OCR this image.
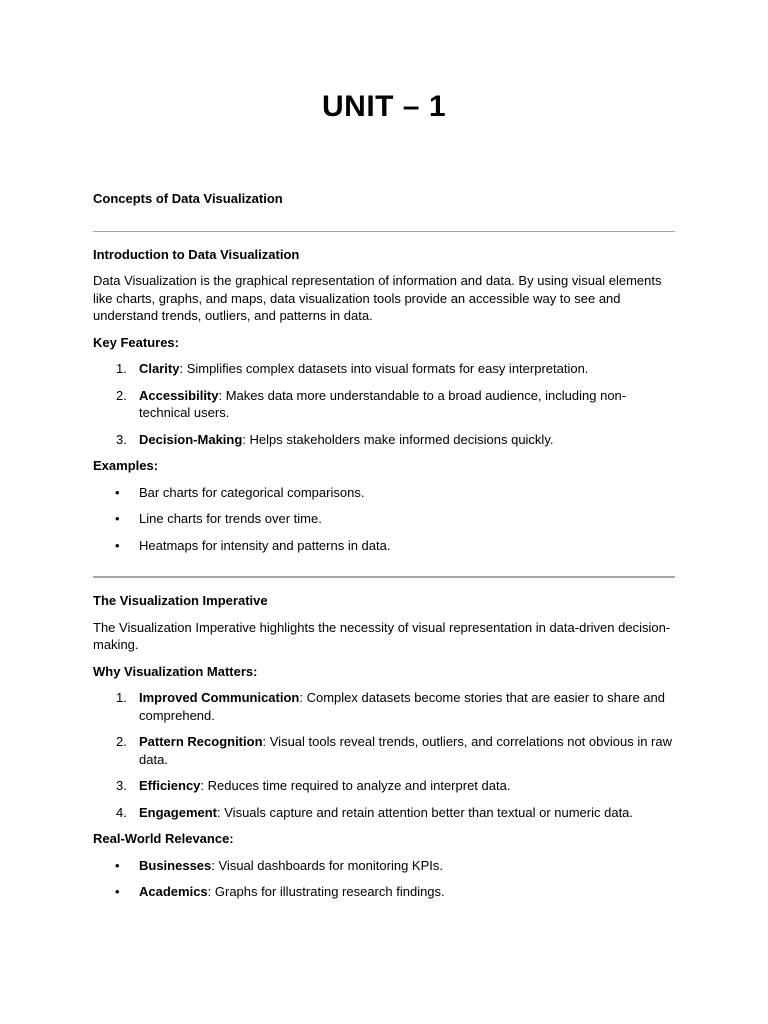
UNIT – 1
Concepts of Data Visualization
Introduction to Data Visualization

Data Visualization is the graphical representation of information and data. By using visual elements like charts, graphs, and maps, data visualization tools provide an accessible way to see and understand trends, outliers, and patterns in data.

Key Features:
1. Clarity: Simplifies complex datasets into visual formats for easy interpretation.
2. Accessibility: Makes data more understandable to a broad audience, including non-technical users.
3. Decision-Making: Helps stakeholders make informed decisions quickly.
Examples:
• Bar charts for categorical comparisons.
• Line charts for trends over time.
• Heatmaps for intensity and patterns in data.
The Visualization Imperative

The Visualization Imperative highlights the necessity of visual representation in data-driven decision-making.

Why Visualization Matters:
1. Improved Communication: Complex datasets become stories that are easier to share and comprehend.
2. Pattern Recognition: Visual tools reveal trends, outliers, and correlations not obvious in raw data.
3. Efficiency: Reduces time required to analyze and interpret data.
4. Engagement: Visuals capture and retain attention better than textual or numeric data.
Real-World Relevance:
• Businesses: Visual dashboards for monitoring KPIs.
• Academics: Graphs for illustrating research findings.
